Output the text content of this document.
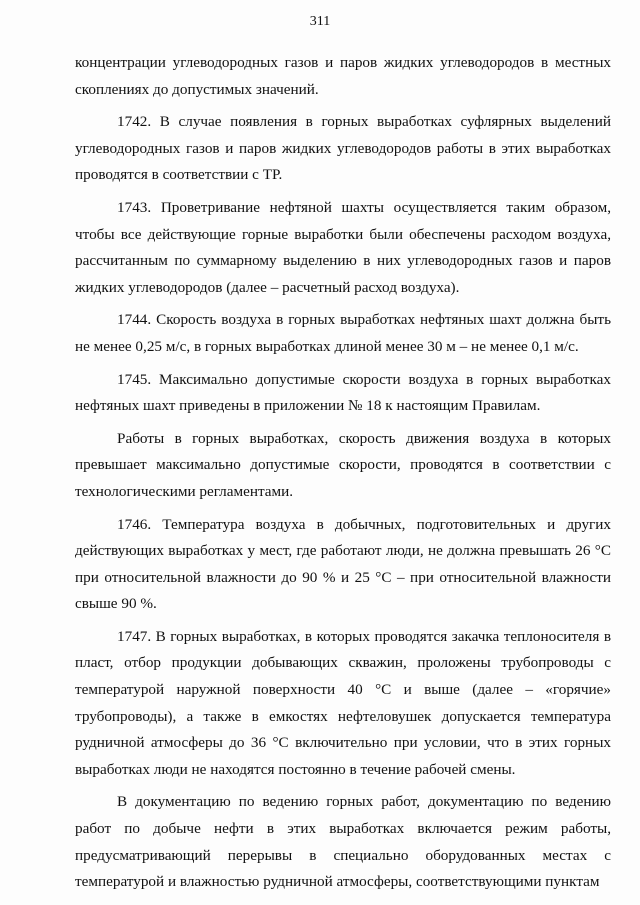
311

концентрации углеводородных газов и паров жидких углеводородов в местных скоплениях до допустимых значений.

1742. В случае появления в горных выработках суфлярных выделений углеводородных газов и паров жидких углеводородов работы в этих выработках проводятся в соответствии с ТР.

1743. Проветривание нефтяной шахты осуществляется таким образом, чтобы все действующие горные выработки были обеспечены расходом воздуха, рассчитанным по суммарному выделению в них углеводородных газов и паров жидких углеводородов (далее – расчетный расход воздуха).

1744. Скорость воздуха в горных выработках нефтяных шахт должна быть не менее 0,25 м/с, в горных выработках длиной менее 30 м – не менее 0,1 м/с.

1745. Максимально допустимые скорости воздуха в горных выработках нефтяных шахт приведены в приложении № 18 к настоящим Правилам.

Работы в горных выработках, скорость движения воздуха в которых превышает максимально допустимые скорости, проводятся в соответствии с технологическими регламентами.

1746. Температура воздуха в добычных, подготовительных и других действующих выработках у мест, где работают люди, не должна превышать 26 °С при относительной влажности до 90 % и 25 °С – при относительной влажности свыше 90 %.

1747. В горных выработках, в которых проводятся закачка теплоносителя в пласт, отбор продукции добывающих скважин, проложены трубопроводы с температурой наружной поверхности 40 °С и выше (далее – «горячие» трубопроводы), а также в емкостях нефтеловушек допускается температура рудничной атмосферы до 36 °С включительно при условии, что в этих горных выработках люди не находятся постоянно в течение рабочей смены.

В документацию по ведению горных работ, документацию по ведению работ по добыче нефти в этих выработках включается режим работы, предусматривающий перерывы в специально оборудованных местах с температурой и влажностью рудничной атмосферы, соответствующими пунктам
